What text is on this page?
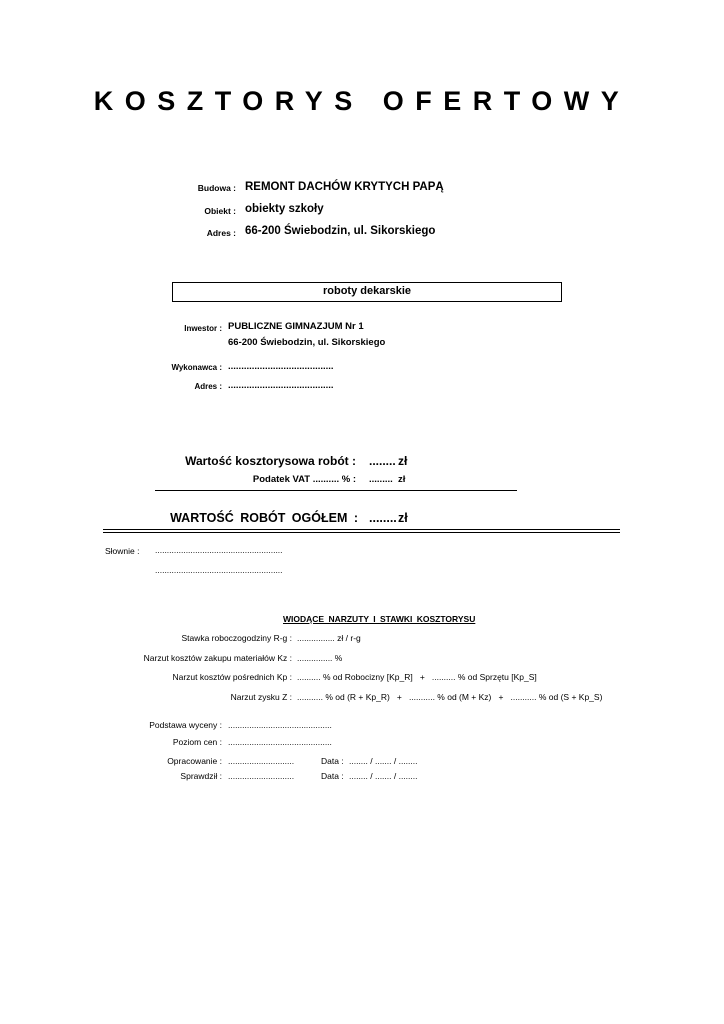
KOSZTORYS OFERTOWY
Budowa : REMONT DACHÓW KRYTYCH PAPĄ
Obiekt : obiekty szkoły
Adres : 66-200 Świebodzin, ul. Sikorskiego
roboty dekarskie
Inwestor : PUBLICZNE GIMNAZJUM Nr 1
66-200 Świebodzin, ul. Sikorskiego
Wykonawca : ........................................
Adres : ........................................
Wartość kosztorysowa robót : ........ zł
Podatek VAT .......... % : ......... zł
WARTOŚĆ ROBÓT OGÓŁEM : ........ zł
Słownie : ......................................................
......................................................
WIODĄCE NARZUTY I STAWKI KOSZTORYSU
Stawka roboczogodziny R-g : ................ zł / r-g
Narzut kosztów zakupu materiałów Kz : ............... %
Narzut kosztów pośrednich Kp : .......... % od Robocizny [Kp_R]   +   .......... % od Sprzętu [Kp_S]
Narzut zysku Z : ........... % od (R + Kp_R)   +   ........... % od (M + Kz)   +   ........... % od (S + Kp_S)
Podstawa wyceny : ............................................
Poziom cen : ............................................
Opracowanie : ............................	Data : ........ / ....... / ........
Sprawdził : ............................	Data : ........ / ....... / ........
